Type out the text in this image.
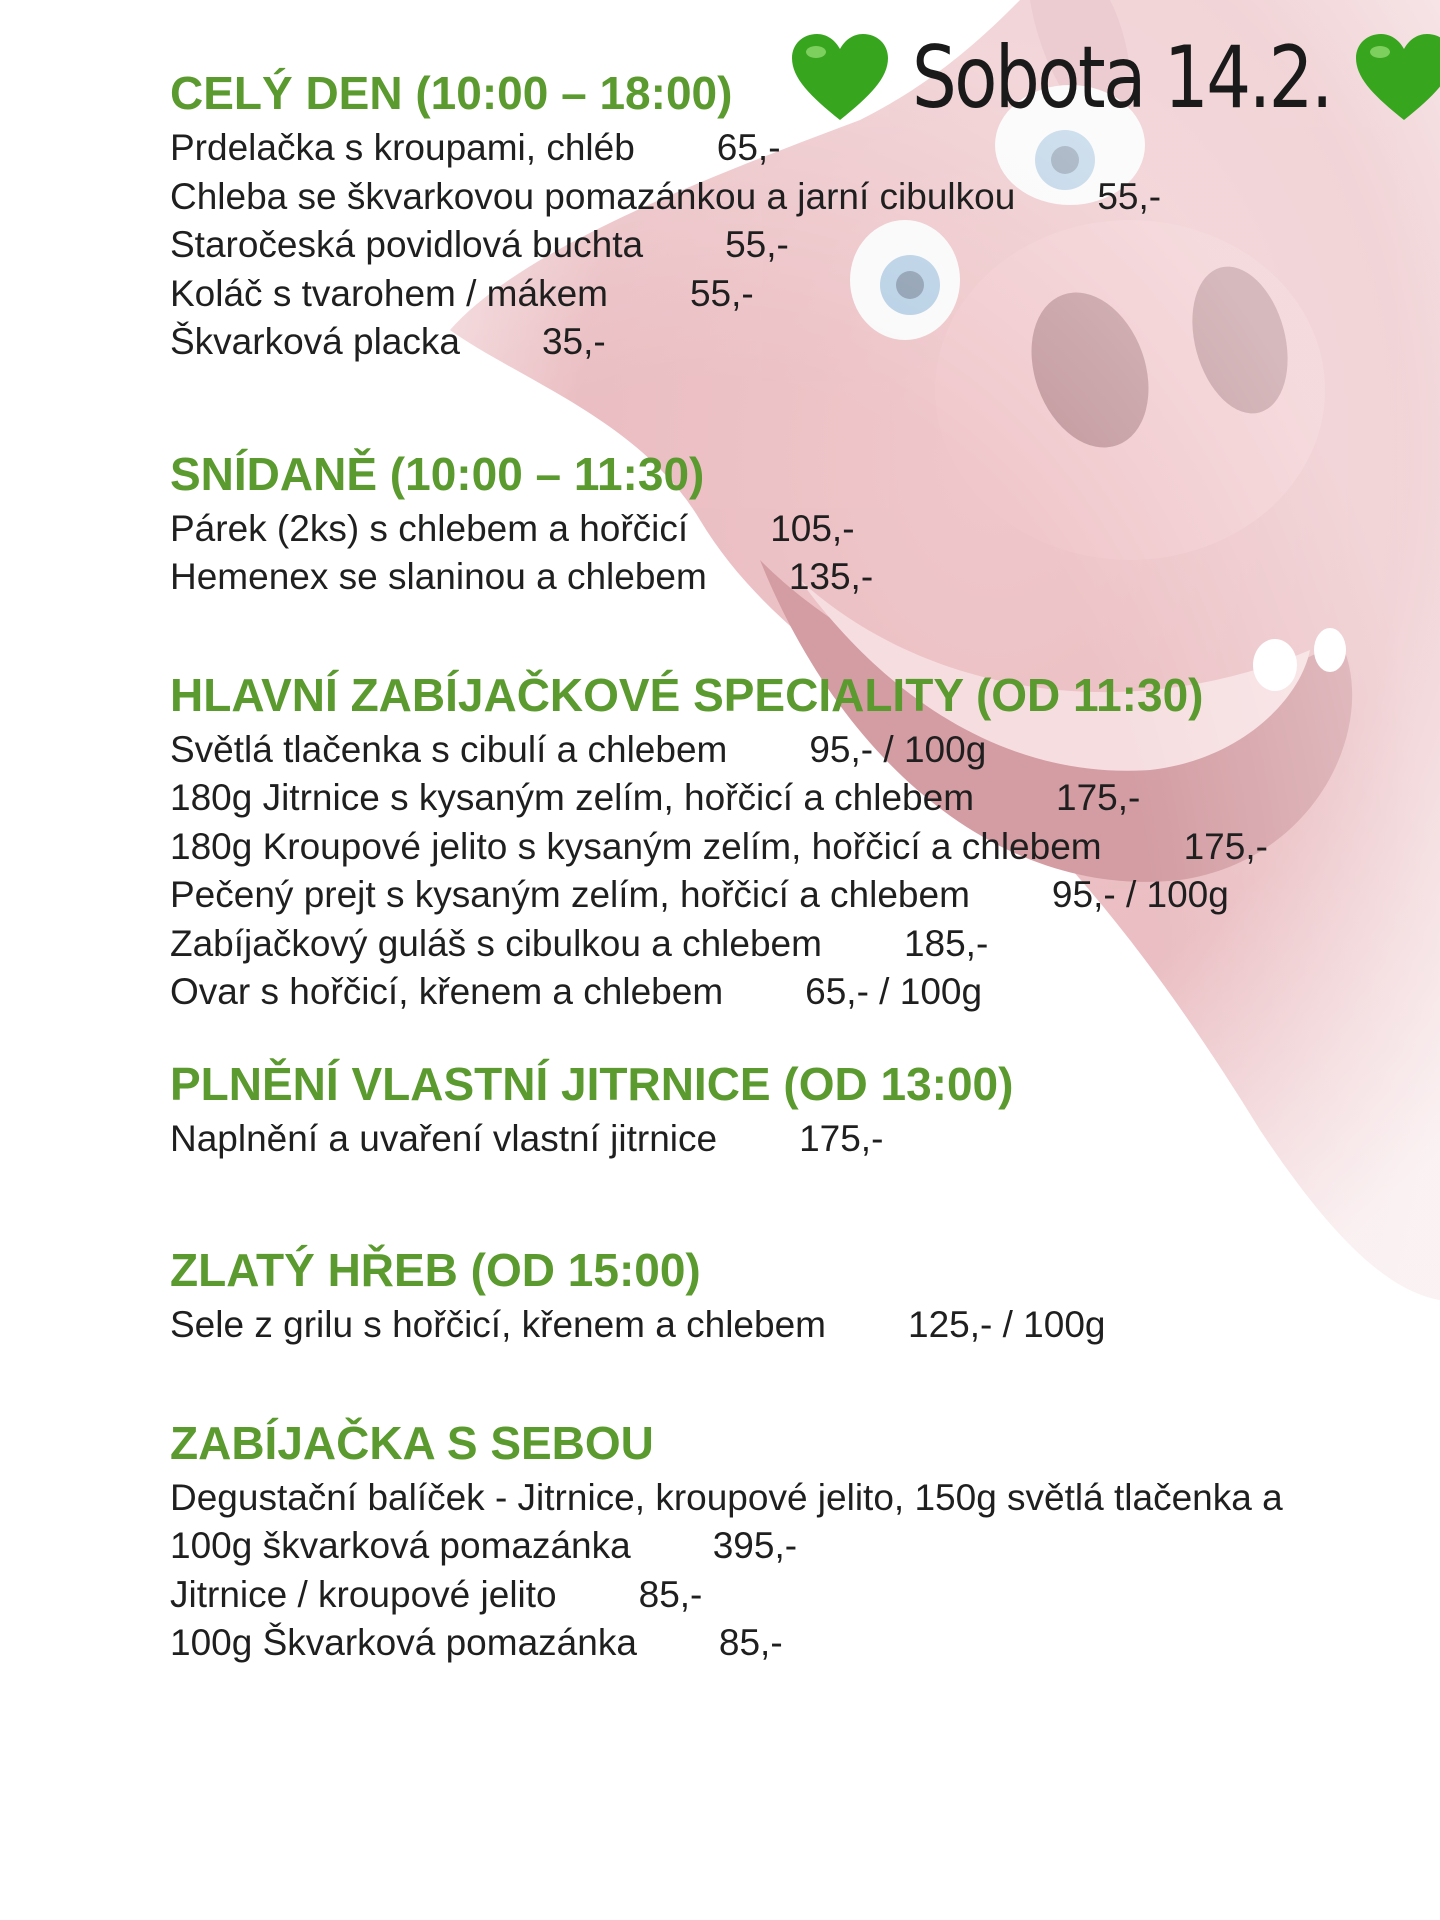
Sobota 14.2.
CELÝ DEN (10:00 – 18:00)

Prdelačka s kroupami, chléb 65,-

Chleba se škvarkovou pomazánkou a jarní cibulkou 55,-

Staročeská povidlová buchta 55,-

Koláč s tvarohem / mákem 55,-

Škvarková placka 35,-

SNÍDANĚ (10:00 – 11:30)

Párek (2ks) s chlebem a hořčicí 105,-

Hemenex se slaninou a chlebem 135,-

HLAVNÍ ZABÍJAČKOVÉ SPECIALITY (OD 11:30)

Světlá tlačenka s cibulí a chlebem 95,- / 100g

180g Jitrnice s kysaným zelím, hořčicí a chlebem 175,-

180g Kroupové jelito s kysaným zelím, hořčicí a chlebem 175,-

Pečený prejt s kysaným zelím, hořčicí a chlebem 95,- / 100g

Zabíjačkový guláš s cibulkou a chlebem 185,-

Ovar s hořčicí, křenem a chlebem 65,- / 100g

PLNĚNÍ VLASTNÍ JITRNICE (OD 13:00)

Naplnění a uvaření vlastní jitrnice 175,-

ZLATÝ HŘEB (OD 15:00)

Sele z grilu s hořčicí, křenem a chlebem 125,- / 100g

ZABÍJAČKA S SEBOU

Degustační balíček - Jitrnice, kroupové jelito, 150g světlá tlačenka a 100g škvarková pomazánka 395,-

Jitrnice / kroupové jelito 85,-

100g Škvarková pomazánka 85,-
